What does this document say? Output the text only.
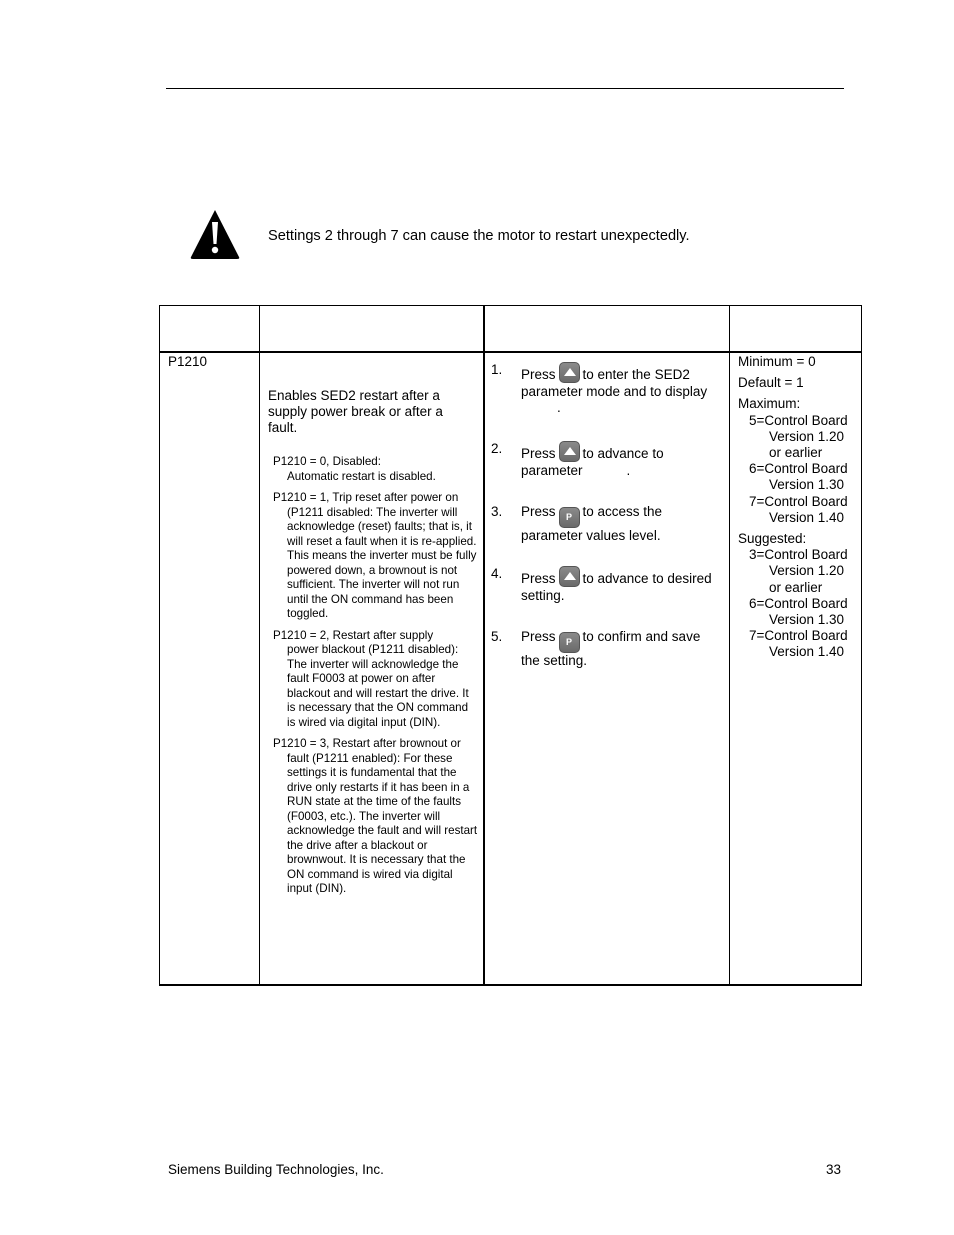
Settings 2 through 7 can cause the motor to restart unexpectedly.
P1210
Enables SED2 restart after a supply power break or after a fault.
P1210 = 0, Disabled:
Automatic restart is disabled.
P1210 = 1, Trip reset after power on
(P1211 disabled: The inverter will acknowledge (reset) faults; that is, it will reset a fault when it is re-applied. This means the inverter must be fully powered down, a brownout is not sufficient. The inverter will not run until the ON command has been toggled.
P1210 = 2, Restart after supply
power blackout (P1211 disabled): The inverter will acknowledge the fault F0003 at power on after blackout and will restart the drive. It is necessary that the ON command is wired via digital input (DIN).
P1210 = 3, Restart after brownout or
fault (P1211 enabled): For these settings it is fundamental that the drive only restarts if it has been in a RUN state at the time of the faults (F0003, etc.). The inverter will acknowledge the fault and will restart the drive after a blackout or brownwout. It is necessary that the ON command is wired via digital input (DIN).
1. Press to enter the SED2 parameter mode and to display
.
2. Press to advance to parameter	.
3. Press P to access the parameter values level.
4. Press to advance to desired setting.
5. Press P to confirm and save the setting.
Minimum = 0
Default = 1
Maximum:
5=Control Board
Version 1.20
or earlier
6=Control Board
Version 1.30
7=Control Board
Version 1.40
Suggested:
3=Control Board
Version 1.20
or earlier
6=Control Board
Version 1.30
7=Control Board
Version 1.40
Siemens Building Technologies, Inc.	33
